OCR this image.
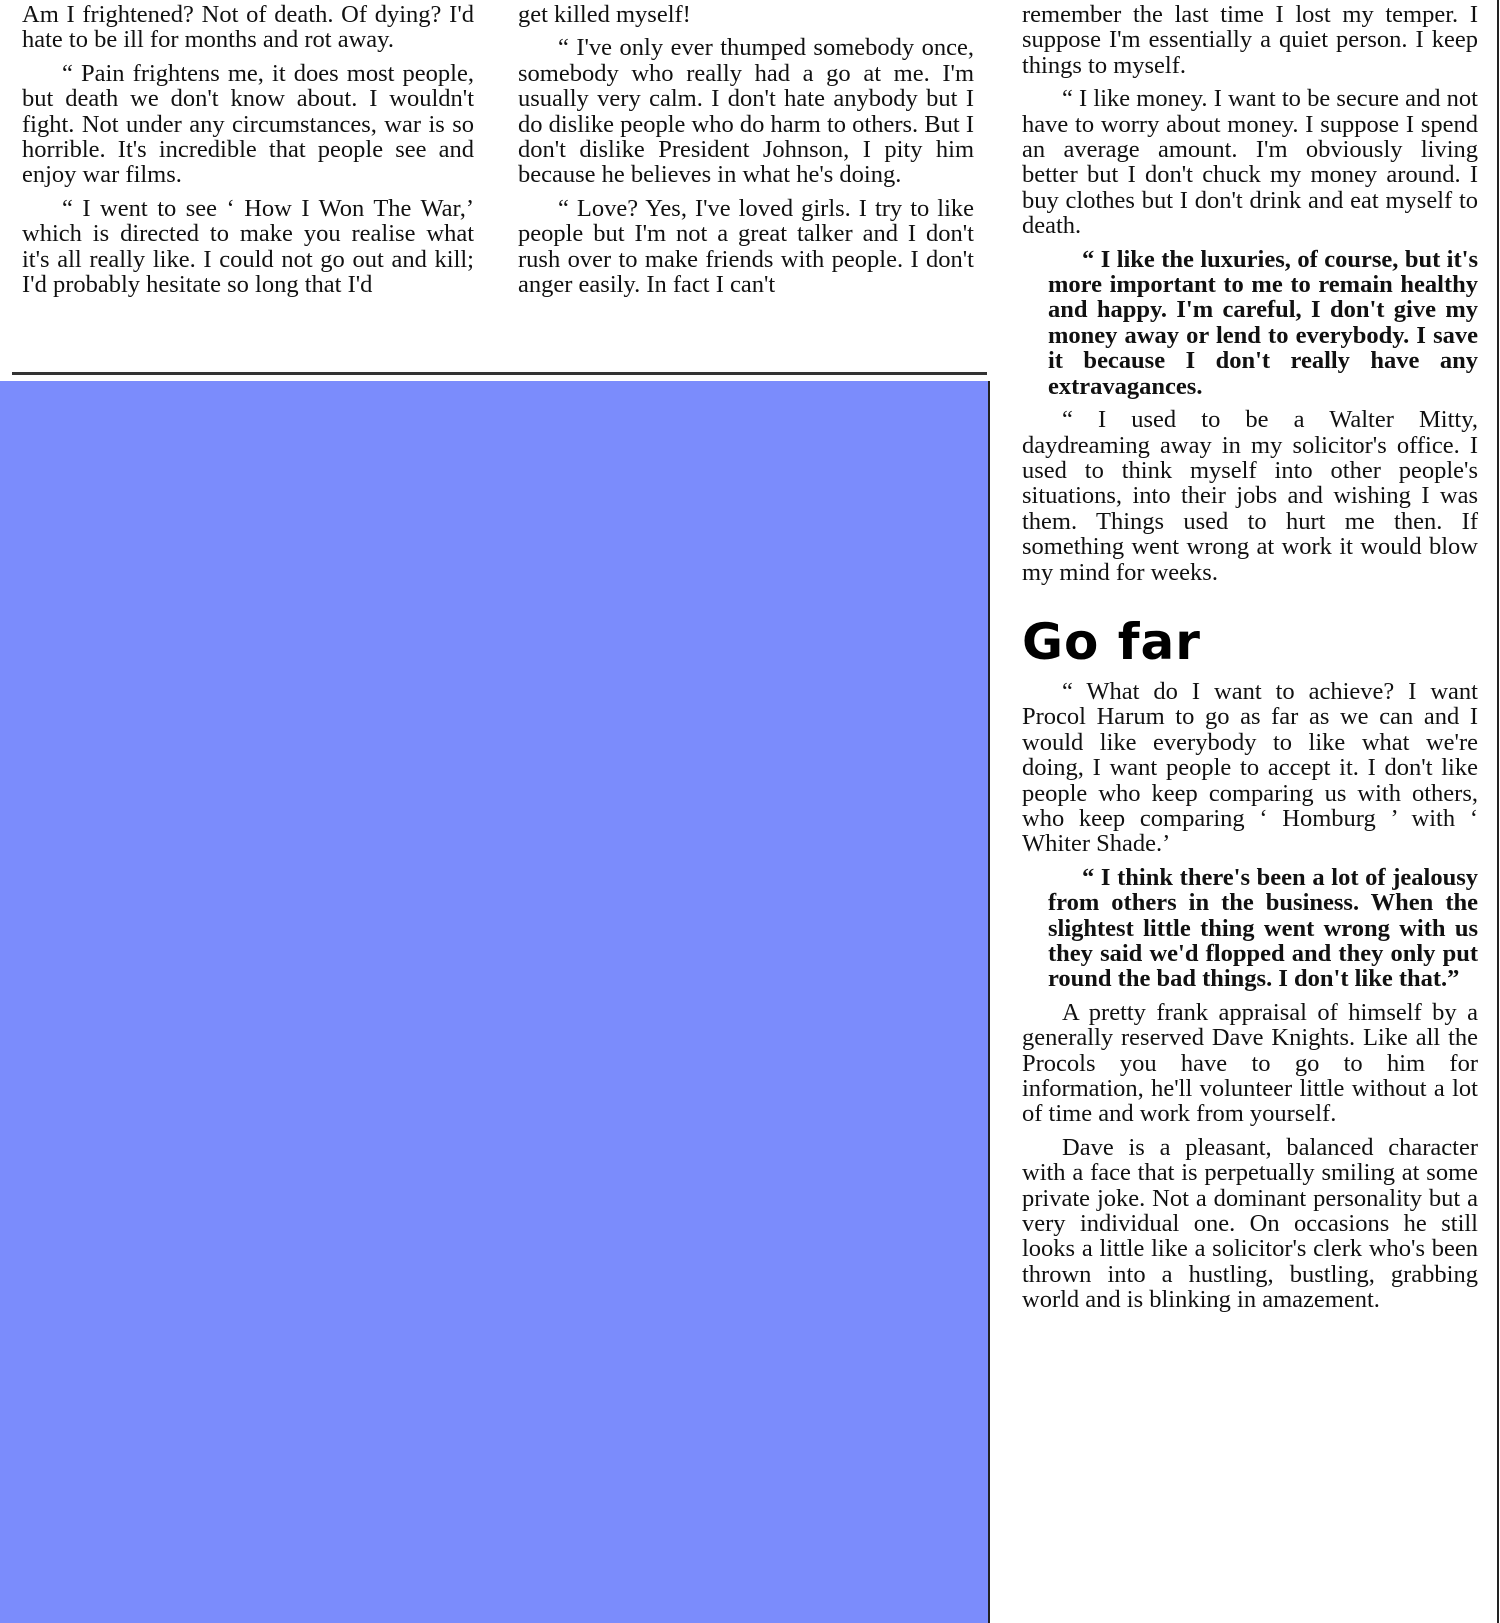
Am I frightened? Not of death. Of dying? I'd hate to be ill for months and rot away.

“ Pain frightens me, it does most people, but death we don't know about. I wouldn't fight. Not under any circumstances, war is so horrible. It's incredible that people see and enjoy war films.

“ I went to see ‘ How I Won The War,’ which is directed to make you realise what it's all really like. I could not go out and kill; I'd probably hesitate so long that I'd

get killed myself!

“ I've only ever thumped somebody once, somebody who really had a go at me. I'm usually very calm. I don't hate anybody but I do dislike people who do harm to others. But I don't dislike President Johnson, I pity him because he believes in what he's doing.

“ Love? Yes, I've loved girls. I try to like people but I'm not a great talker and I don't rush over to make friends with people. I don't anger easily. In fact I can't

remember the last time I lost my temper. I suppose I'm essentially a quiet person. I keep things to myself.

“ I like money. I want to be secure and not have to worry about money. I suppose I spend an average amount. I'm obviously living better but I don't chuck my money around. I buy clothes but I don't drink and eat myself to death.

“ I like the luxuries, of course, but it's more important to me to remain healthy and happy. I'm careful, I don't give my money away or lend to everybody. I save it because I don't really have any extravagances.

“ I used to be a Walter Mitty, daydreaming away in my solicitor's office. I used to think myself into other people's situations, into their jobs and wishing I was them. Things used to hurt me then. If something went wrong at work it would blow my mind for weeks.

Go far

“ What do I want to achieve? I want Procol Harum to go as far as we can and I would like everybody to like what we're doing, I want people to accept it. I don't like people who keep comparing us with others, who keep comparing ‘ Homburg ’ with ‘ Whiter Shade.’

“ I think there's been a lot of jealousy from others in the business. When the slightest little thing went wrong with us they said we'd flopped and they only put round the bad things. I don't like that.”

A pretty frank appraisal of himself by a generally reserved Dave Knights. Like all the Procols you have to go to him for information, he'll volunteer little without a lot of time and work from yourself.

Dave is a pleasant, balanced character with a face that is perpetually smiling at some private joke. Not a dominant personality but a very individual one. On occasions he still looks a little like a solicitor's clerk who's been thrown into a hustling, bustling, grabbing world and is blinking in amazement.
